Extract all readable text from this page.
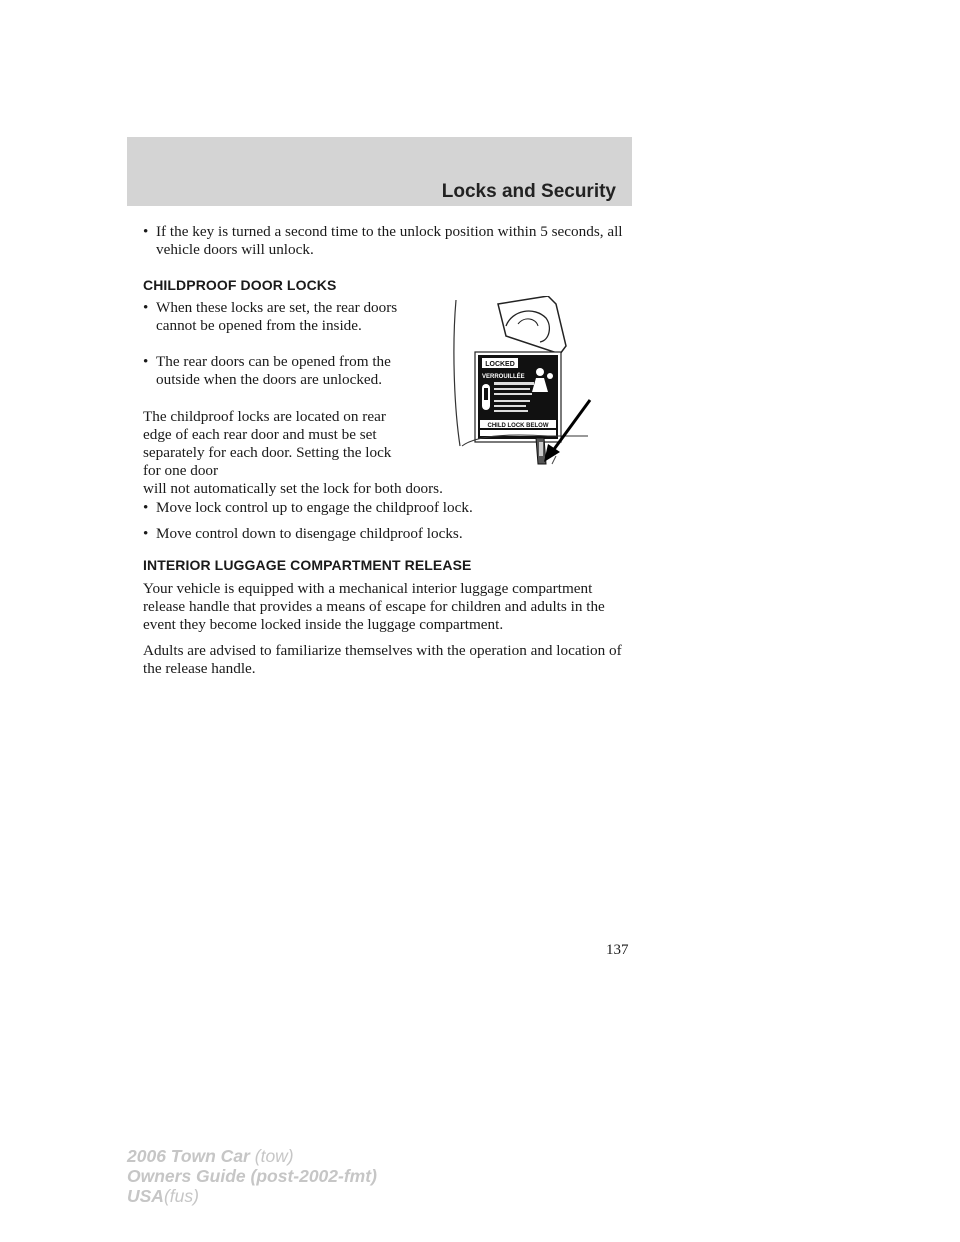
Locks and Security
• If the key is turned a second time to the unlock position within 5 seconds, all vehicle doors will unlock.
CHILDPROOF DOOR LOCKS
• When these locks are set, the rear doors cannot be opened from the inside.
• The rear doors can be opened from the outside when the doors are unlocked.
The childproof locks are located on rear edge of each rear door and must be set separately for each door. Setting the lock for one door
will not automatically set the lock for both doors.
• Move lock control up to engage the childproof lock.
• Move control down to disengage childproof locks.
LOCKED
VERROUILLÉE
CHILD LOCK BELOW
INTERIOR LUGGAGE COMPARTMENT RELEASE
Your vehicle is equipped with a mechanical interior luggage compartment release handle that provides a means of escape for children and adults in the event they become locked inside the luggage compartment.
Adults are advised to familiarize themselves with the operation and location of the release handle.
137
2006 Town Car (tow)
Owners Guide (post-2002-fmt)
USA(fus)
